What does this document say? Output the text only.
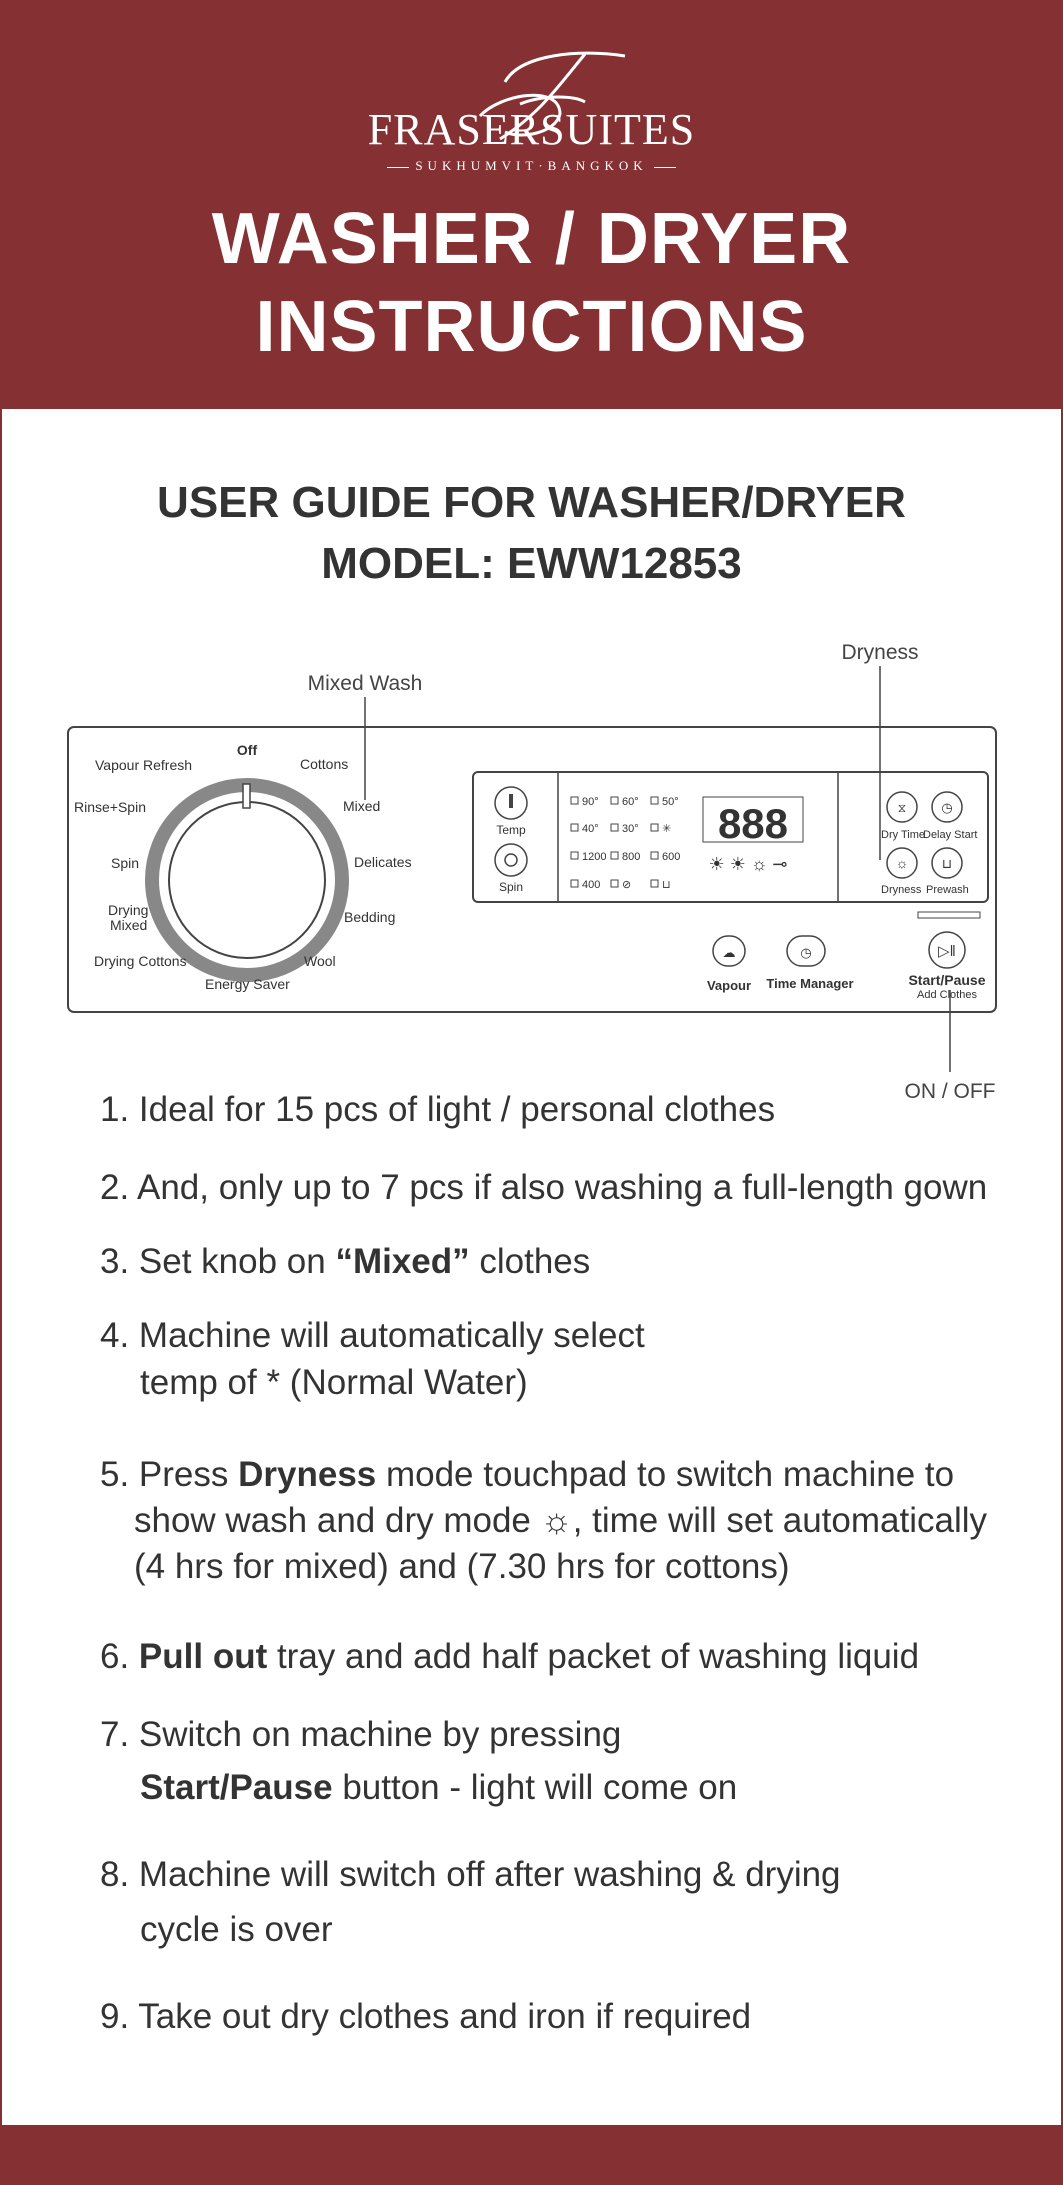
FRASERSUITES
SUKHUMVIT·BANGKOK
WASHER / DRYER
INSTRUCTIONS
USER GUIDE FOR WASHER/DRYER
MODEL: EWW12853
Mixed Wash
Dryness
ON / OFF
Off
Cottons
Mixed
Delicates
Bedding
Wool
Energy Saver
Drying Cottons
Drying
Mixed
Spin
Rinse+Spin
Vapour Refresh
Temp
Spin
90° 60° 50°
40° 30° ✳
1200 800 600
400 ⊘	⊔
888
☀ ☀ ☼ ⊸
⧖
Dry Time
◷
Delay Start
☼
Dryness
⊔
Prewash
☁
Vapour
◷
Time Manager
▷‖
Start/Pause
Add Clothes
1. Ideal for 15 pcs of light / personal clothes
2. And, only up to 7 pcs if also washing a full-length gown
3. Set knob on “Mixed” clothes
4. Machine will automatically select
temp of * (Normal Water)
5. Press Dryness mode touchpad to switch machine to
show wash and dry mode ☼, time will set automatically
(4 hrs for mixed) and (7.30 hrs for cottons)
6. Pull out tray and add half packet of washing liquid
7. Switch on machine by pressing
Start/Pause button - light will come on
8. Machine will switch off after washing & drying
cycle is over
9. Take out dry clothes and iron if required
